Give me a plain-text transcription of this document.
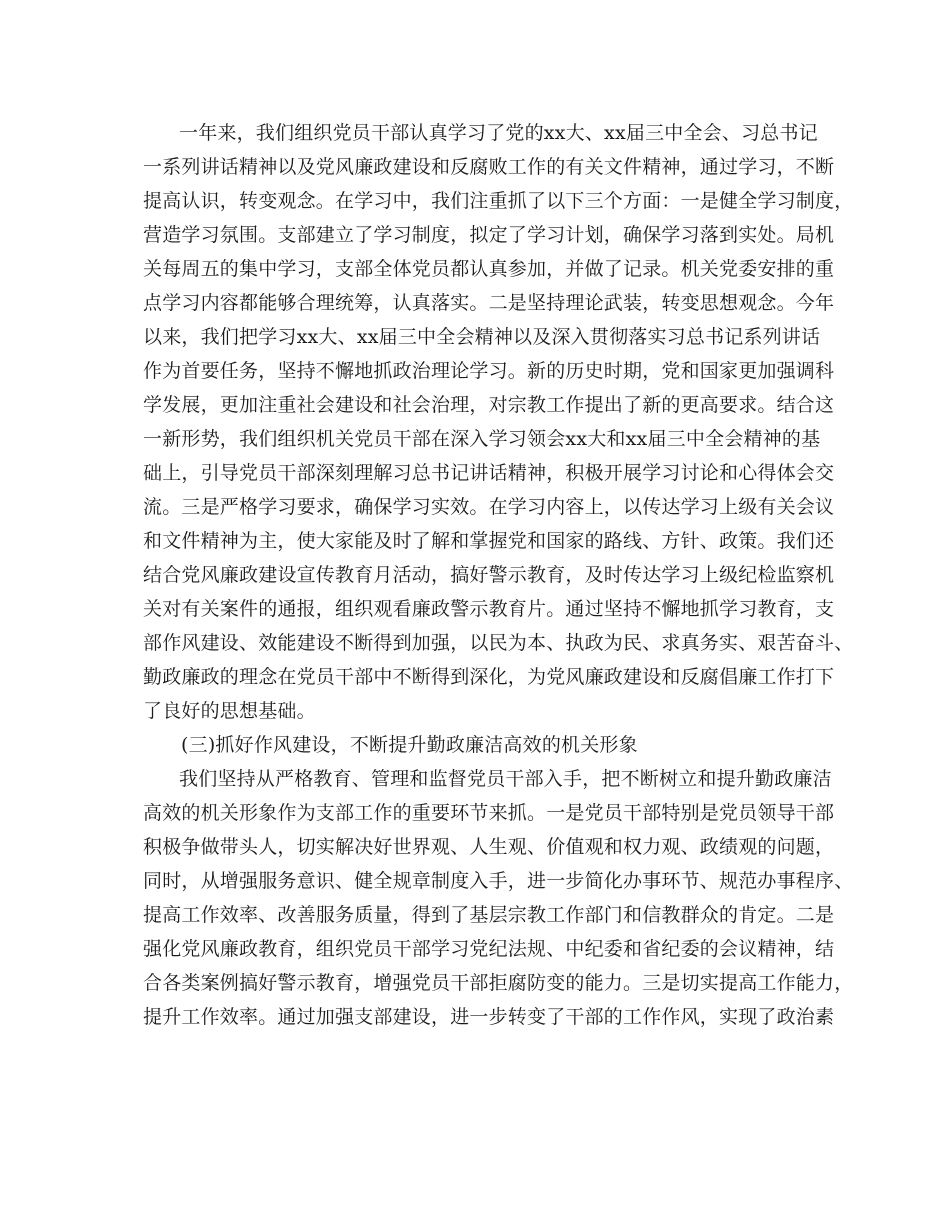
一年来，我们组织党员干部认真学习了党的xx大、xx届三中全会、习总书记
一系列讲话精神以及党风廉政建设和反腐败工作的有关文件精神，通过学习，不断
提高认识，转变观念。在学习中，我们注重抓了以下三个方面：一是健全学习制度，
营造学习氛围。支部建立了学习制度，拟定了学习计划，确保学习落到实处。局机
关每周五的集中学习，支部全体党员都认真参加，并做了记录。机关党委安排的重
点学习内容都能够合理统筹，认真落实。二是坚持理论武装，转变思想观念。今年
以来，我们把学习xx大、xx届三中全会精神以及深入贯彻落实习总书记系列讲话
作为首要任务，坚持不懈地抓政治理论学习。新的历史时期，党和国家更加强调科
学发展，更加注重社会建设和社会治理，对宗教工作提出了新的更高要求。结合这
一新形势，我们组织机关党员干部在深入学习领会xx大和xx届三中全会精神的基
础上，引导党员干部深刻理解习总书记讲话精神，积极开展学习讨论和心得体会交
流。三是严格学习要求，确保学习实效。在学习内容上，以传达学习上级有关会议
和文件精神为主，使大家能及时了解和掌握党和国家的路线、方针、政策。我们还
结合党风廉政建设宣传教育月活动，搞好警示教育，及时传达学习上级纪检监察机
关对有关案件的通报，组织观看廉政警示教育片。通过坚持不懈地抓学习教育，支
部作风建设、效能建设不断得到加强，以民为本、执政为民、求真务实、艰苦奋斗、
勤政廉政的理念在党员干部中不断得到深化，为党风廉政建设和反腐倡廉工作打下
了良好的思想基础。
(三)抓好作风建设，不断提升勤政廉洁高效的机关形象
我们坚持从严格教育、管理和监督党员干部入手，把不断树立和提升勤政廉洁
高效的机关形象作为支部工作的重要环节来抓。一是党员干部特别是党员领导干部
积极争做带头人，切实解决好世界观、人生观、价值观和权力观、政绩观的问题，
同时，从增强服务意识、健全规章制度入手，进一步简化办事环节、规范办事程序、
提高工作效率、改善服务质量，得到了基层宗教工作部门和信教群众的肯定。二是
强化党风廉政教育，组织党员干部学习党纪法规、中纪委和省纪委的会议精神，结
合各类案例搞好警示教育，增强党员干部拒腐防变的能力。三是切实提高工作能力，
提升工作效率。通过加强支部建设，进一步转变了干部的工作作风，实现了政治素
